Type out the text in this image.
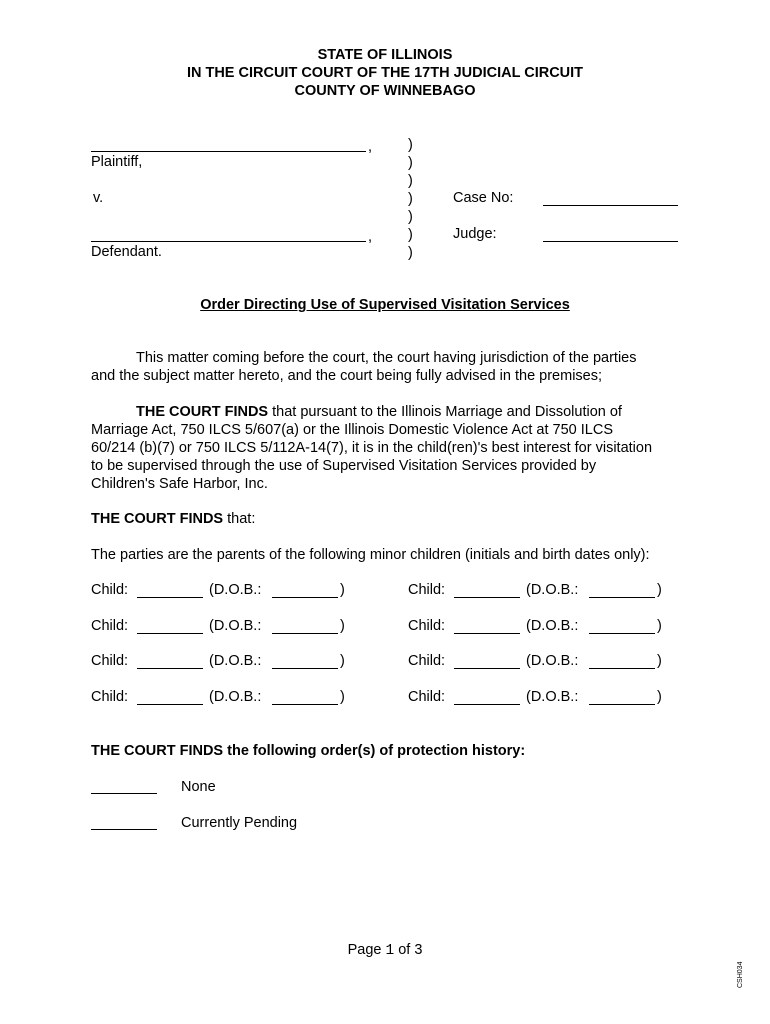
STATE OF ILLINOIS
IN THE CIRCUIT COURT OF THE 17TH JUDICIAL CIRCUIT
COUNTY OF WINNEBAGO
,
Plaintiff,
v.
,
Defendant.
)
)
)
)
)
)
)
Case No:
Judge:
Order Directing Use of Supervised Visitation Services
This matter coming before the court, the court having jurisdiction of the parties
and the subject matter hereto, and the court being fully advised in the premises;
THE COURT FINDS that pursuant to the Illinois Marriage and Dissolution of
Marriage Act, 750 ILCS 5/607(a) or the Illinois Domestic Violence Act at 750 ILCS
60/214 (b)(7) or 750 ILCS 5/112A-14(7), it is in the child(ren)'s best interest for visitation
to be supervised through the use of Supervised Visitation Services provided by
Children's Safe Harbor, Inc.
THE COURT FINDS that:
The parties are the parents of the following minor children (initials and birth dates only):
Child:	(D.O.B.:	)	Child:	(D.O.B.:	)
Child:	(D.O.B.:	)	Child:	(D.O.B.:	)
Child:	(D.O.B.:	)	Child:	(D.O.B.:	)
Child:	(D.O.B.:	)	Child:	(D.O.B.:	)
THE COURT FINDS the following order(s) of protection history:
None
Currently Pending
Page 1 of 3
CSH034
